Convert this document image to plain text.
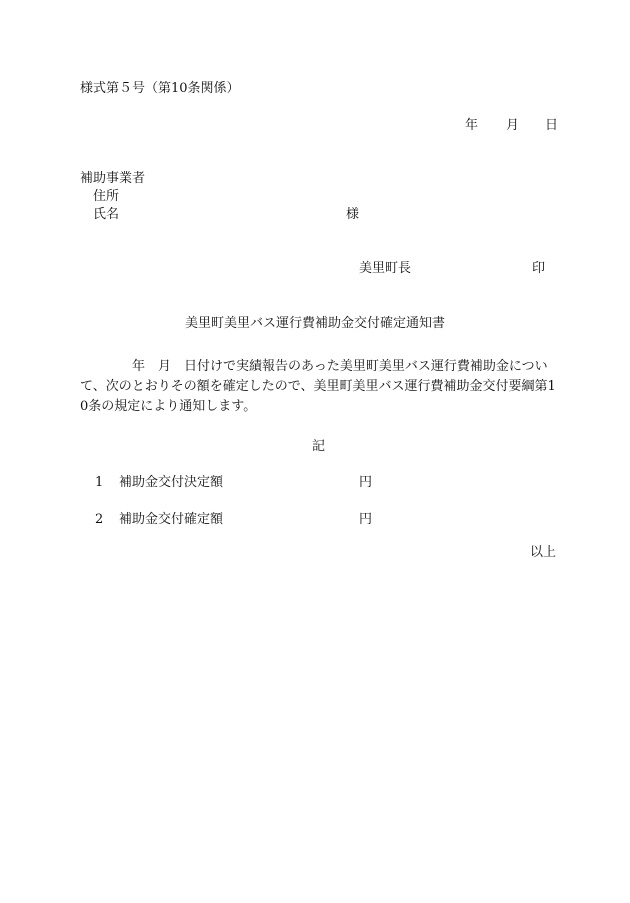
様式第５号（第10条関係）
年 月 日
補助事業者
住所
氏名	様
美里町長	印
美里町美里バス運行費補助金交付確定通知書
　　　　年　月　日付けで実績報告のあった美里町美里バス運行費補助金について、次のとおりその額を確定したので、美里町美里バス運行費補助金交付要綱第10条の規定により通知します。
記
1 補助金交付決定額	円
2 補助金交付確定額	円
以上
